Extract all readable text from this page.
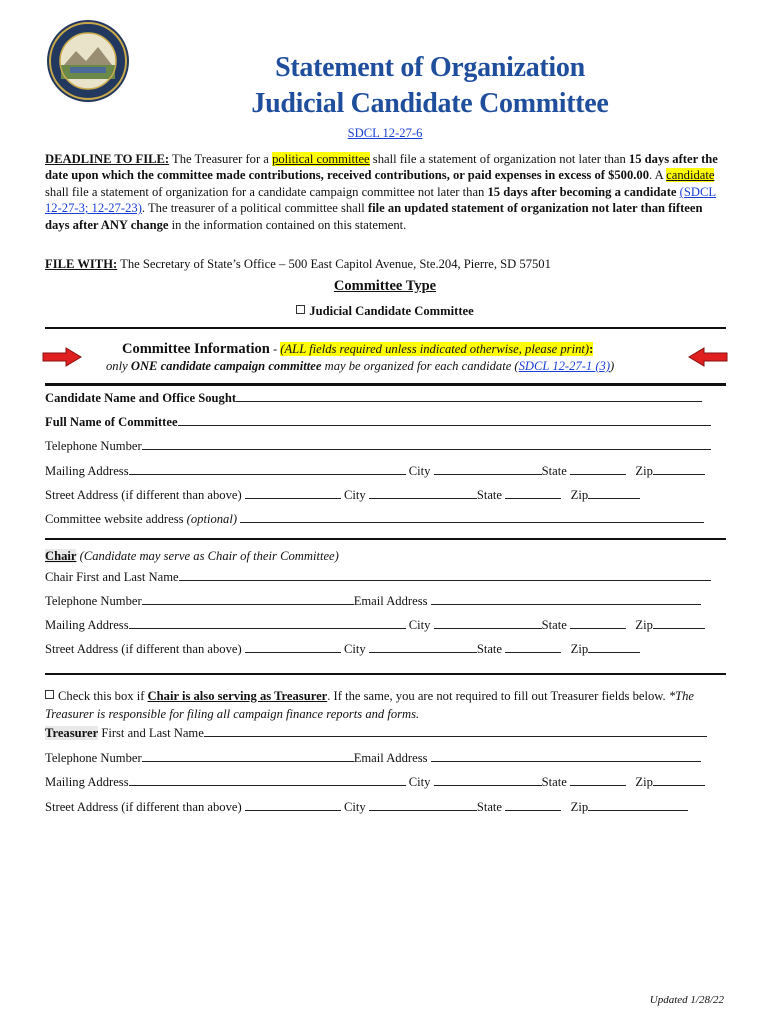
Statement of Organization
Judicial Candidate Committee
SDCL 12-27-6
DEADLINE TO FILE: The Treasurer for a political committee shall file a statement of organization not later than 15 days after the date upon which the committee made contributions, received contributions, or paid expenses in excess of $500.00. A candidate shall file a statement of organization for a candidate campaign committee not later than 15 days after becoming a candidate (SDCL 12-27-3; 12-27-23). The treasurer of a political committee shall file an updated statement of organization not later than fifteen days after ANY change in the information contained on this statement.
FILE WITH: The Secretary of State’s Office – 500 East Capitol Avenue, Ste.204, Pierre, SD 57501
Committee Type
Judicial Candidate Committee
Committee Information - (ALL fields required unless indicated otherwise, please print):
only ONE candidate campaign committee may be organized for each candidate (SDCL 12-27-1 (3))
Candidate Name and Office Sought
Full Name of Committee
Telephone Number
Mailing Address	City	State	Zip
Street Address (if different than above)	City	State	Zip
Committee website address (optional)
Chair (Candidate may serve as Chair of their Committee)
Chair First and Last Name
Telephone Number	Email Address
Mailing Address	City	State	Zip
Street Address (if different than above)	City	State	Zip
Check this box if Chair is also serving as Treasurer. If the same, you are not required to fill out Treasurer fields below. *The Treasurer is responsible for filing all campaign finance reports and forms.
Treasurer First and Last Name
Telephone Number	Email Address
Mailing Address	City	State	Zip
Street Address (if different than above)	City	State	Zip
Updated 1/28/22
